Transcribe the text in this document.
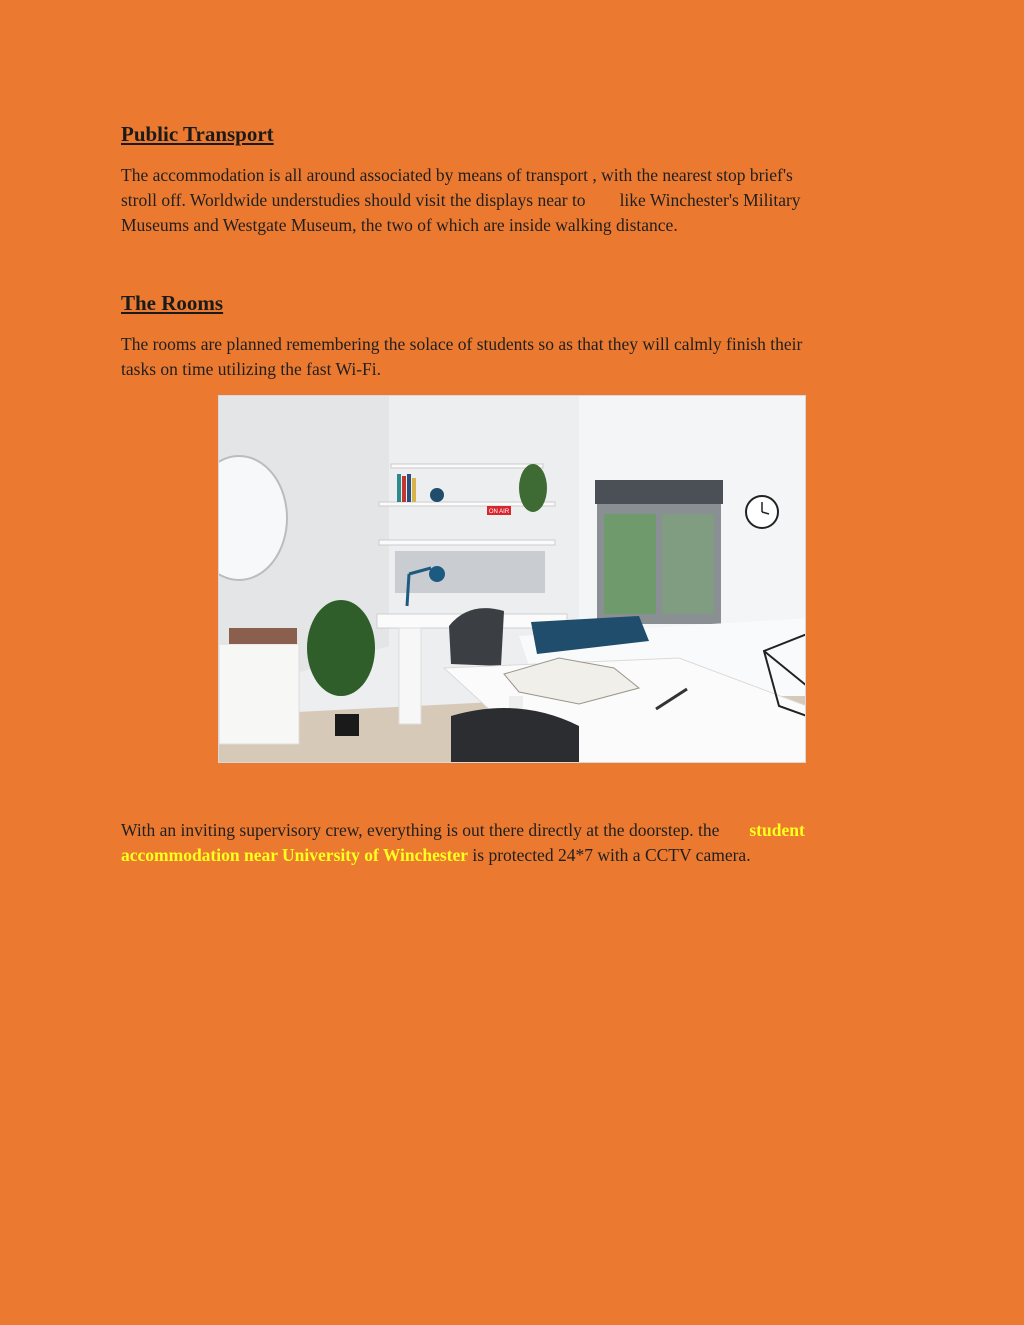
Public Transport

The accommodation is all around associated by means of transport , with the nearest stop brief's

stroll off. Worldwide understudies should visit the displays near to like Winchester's Military

Museums and Westgate Museum, the two of which are inside walking distance.

The Rooms

The rooms are planned remembering the solace of students so as that they will calmly finish their

tasks on time utilizing the fast Wi-Fi.

With an inviting supervisory crew, everything is out there directly at the doorstep. the student

accommodation near University of Winchester is protected 24*7 with a CCTV camera.

ON AIR
